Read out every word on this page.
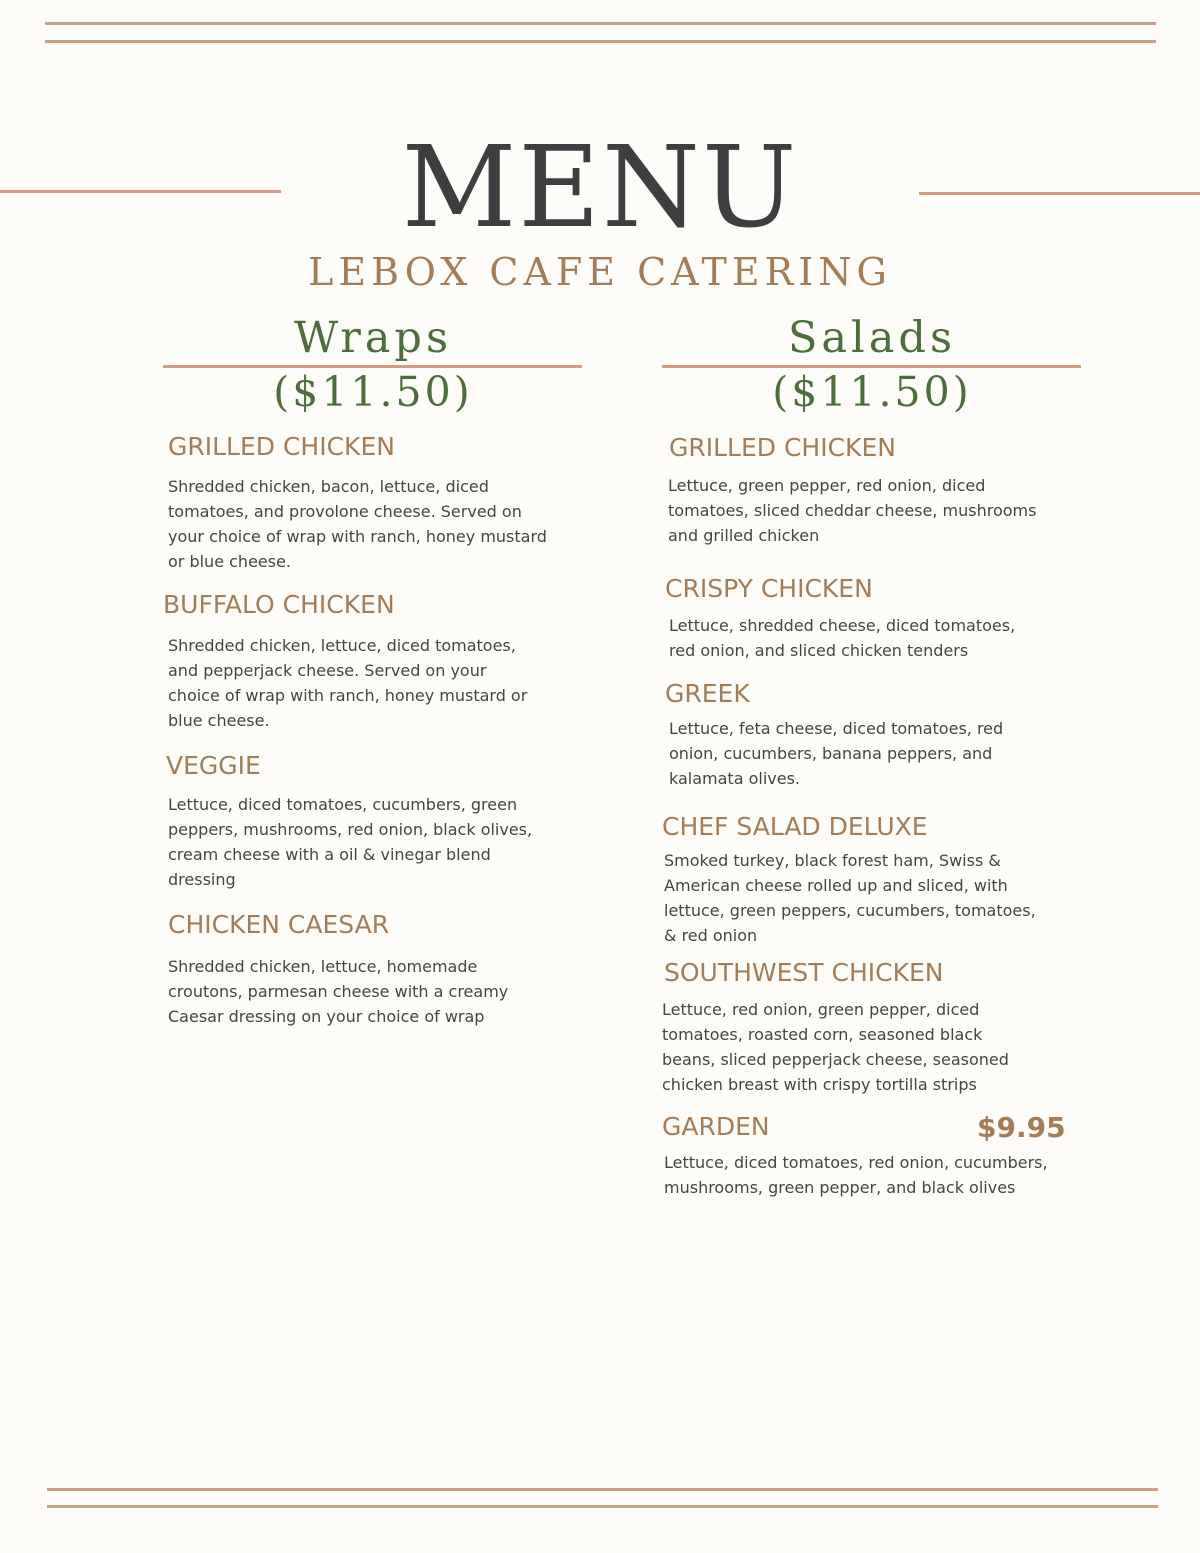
MENU
LEBOX CAFE CATERING
Wraps
($11.50)
GRILLED CHICKEN
Shredded chicken, bacon, lettuce, diced
tomatoes, and provolone cheese. Served on
your choice of wrap with ranch, honey mustard
or blue cheese.
BUFFALO CHICKEN
Shredded chicken, lettuce, diced tomatoes,
and pepperjack cheese. Served on your
choice of wrap with ranch, honey mustard or
blue cheese.
VEGGIE
Lettuce, diced tomatoes, cucumbers, green
peppers, mushrooms, red onion, black olives,
cream cheese with a oil & vinegar blend
dressing
CHICKEN CAESAR
Shredded chicken, lettuce, homemade
croutons, parmesan cheese with a creamy
Caesar dressing on your choice of wrap
Salads
($11.50)
GRILLED CHICKEN
Lettuce, green pepper, red onion, diced
tomatoes, sliced cheddar cheese, mushrooms
and grilled chicken
CRISPY CHICKEN
Lettuce, shredded cheese, diced tomatoes,
red onion, and sliced chicken tenders
GREEK
Lettuce, feta cheese, diced tomatoes, red
onion, cucumbers, banana peppers, and
kalamata olives.
CHEF SALAD DELUXE
Smoked turkey, black forest ham, Swiss &
American cheese rolled up and sliced, with
lettuce, green peppers, cucumbers, tomatoes,
& red onion
SOUTHWEST CHICKEN
Lettuce, red onion, green pepper, diced
tomatoes, roasted corn, seasoned black
beans, sliced pepperjack cheese, seasoned
chicken breast with crispy tortilla strips
GARDEN	$9.95
Lettuce, diced tomatoes, red onion, cucumbers,
mushrooms, green pepper, and black olives
